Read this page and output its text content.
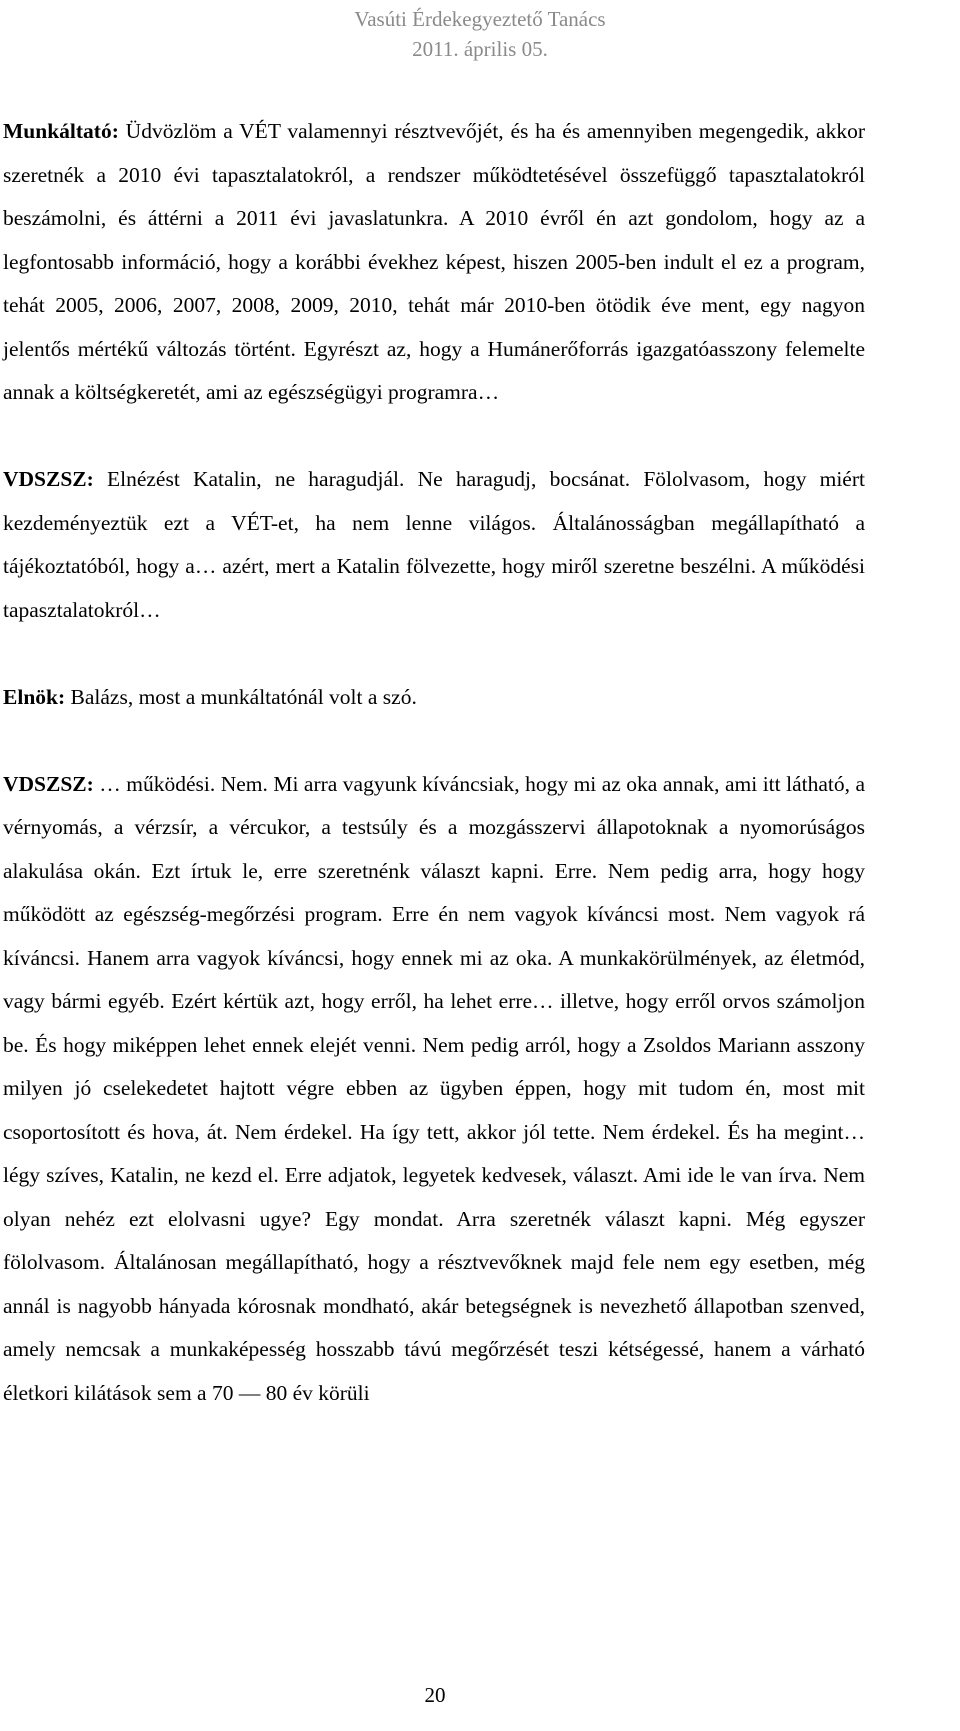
Vasúti Érdekegyeztető Tanács
2011. április 05.

Munkáltató: Üdvözlöm a VÉT valamennyi résztvevőjét, és ha és amennyiben megengedik, akkor szeretnék a 2010 évi tapasztalatokról, a rendszer működtetésével összefüggő tapasztalatokról beszámolni, és áttérni a 2011 évi javaslatunkra. A 2010 évről én azt gondolom, hogy az a legfontosabb információ, hogy a korábbi évekhez képest, hiszen 2005-ben indult el ez a program, tehát 2005, 2006, 2007, 2008, 2009, 2010, tehát már 2010-ben ötödik éve ment, egy nagyon jelentős mértékű változás történt. Egyrészt az, hogy a Humánerőforrás igazgatóasszony felemelte annak a költségkeretét, ami az egészségügyi programra…

VDSZSZ: Elnézést Katalin, ne haragudjál. Ne haragudj, bocsánat. Fölolvasom, hogy miért kezdeményeztük ezt a VÉT-et, ha nem lenne világos. Általánosságban megállapítható a tájékoztatóból, hogy a… azért, mert a Katalin fölvezette, hogy miről szeretne beszélni. A működési tapasztalatokról…

Elnök: Balázs, most a munkáltatónál volt a szó.

VDSZSZ: … működési. Nem. Mi arra vagyunk kíváncsiak, hogy mi az oka annak, ami itt látható, a vérnyomás, a vérzsír, a vércukor, a testsúly és a mozgásszervi állapotoknak a nyomorúságos alakulása okán. Ezt írtuk le, erre szeretnénk választ kapni. Erre. Nem pedig arra, hogy hogy működött az egészség-megőrzési program. Erre én nem vagyok kíváncsi most. Nem vagyok rá kíváncsi. Hanem arra vagyok kíváncsi, hogy ennek mi az oka. A munkakörülmények, az életmód, vagy bármi egyéb. Ezért kértük azt, hogy erről, ha lehet erre… illetve, hogy erről orvos számoljon be. És hogy miképpen lehet ennek elejét venni. Nem pedig arról, hogy a Zsoldos Mariann asszony milyen jó cselekedetet hajtott végre ebben az ügyben éppen, hogy mit tudom én, most mit csoportosított és hova, át. Nem érdekel. Ha így tett, akkor jól tette. Nem érdekel. És ha megint… légy szíves, Katalin, ne kezd el. Erre adjatok, legyetek kedvesek, választ. Ami ide le van írva. Nem olyan nehéz ezt elolvasni ugye? Egy mondat. Arra szeretnék választ kapni. Még egyszer fölolvasom. Általánosan megállapítható, hogy a résztvevőknek majd fele nem egy esetben, még annál is nagyobb hányada kórosnak mondható, akár betegségnek is nevezhető állapotban szenved, amely nemcsak a munkaképesség hosszabb távú megőrzését teszi kétségessé, hanem a várható életkori kilátások sem a 70 ― 80 év körüli

20
